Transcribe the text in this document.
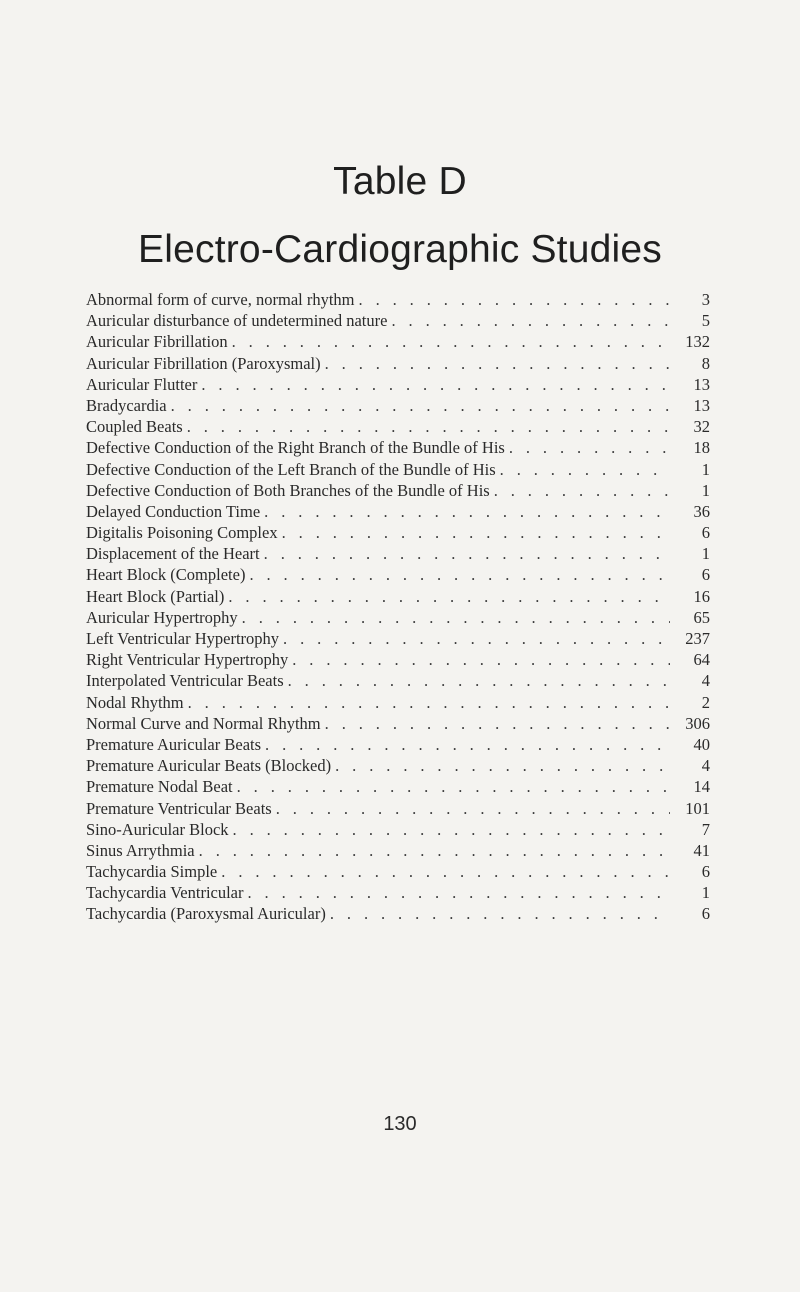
Table D
Electro-Cardiographic Studies
Abnormal form of curve, normal rhythm . . .	3
Auricular disturbance of undetermined nature . . .	5
Auricular Fibrillation . . .	132
Auricular Fibrillation (Paroxysmal) . . .	8
Auricular Flutter . . .	13
Bradycardia . . .	13
Coupled Beats . . .	32
Defective Conduction of the Right Branch of the Bundle of His . . .	18
Defective Conduction of the Left Branch of the Bundle of His . . .	1
Defective Conduction of Both Branches of the Bundle of His . . .	1
Delayed Conduction Time . . .	36
Digitalis Poisoning Complex . . .	6
Displacement of the Heart . . .	1
Heart Block (Complete) . . .	6
Heart Block (Partial) . . .	16
Auricular Hypertrophy . . .	65
Left Ventricular Hypertrophy . . .	237
Right Ventricular Hypertrophy . . .	64
Interpolated Ventricular Beats . . .	4
Nodal Rhythm . . .	2
Normal Curve and Normal Rhythm . . .	306
Premature Auricular Beats . . .	40
Premature Auricular Beats (Blocked) . . .	4
Premature Nodal Beat . . .	14
Premature Ventricular Beats . . .	101
Sino-Auricular Block . . .	7
Sinus Arrythmia . . .	41
Tachycardia Simple . . .	6
Tachycardia Ventricular . . .	1
Tachycardia (Paroxysmal Auricular) . . .	6
130
